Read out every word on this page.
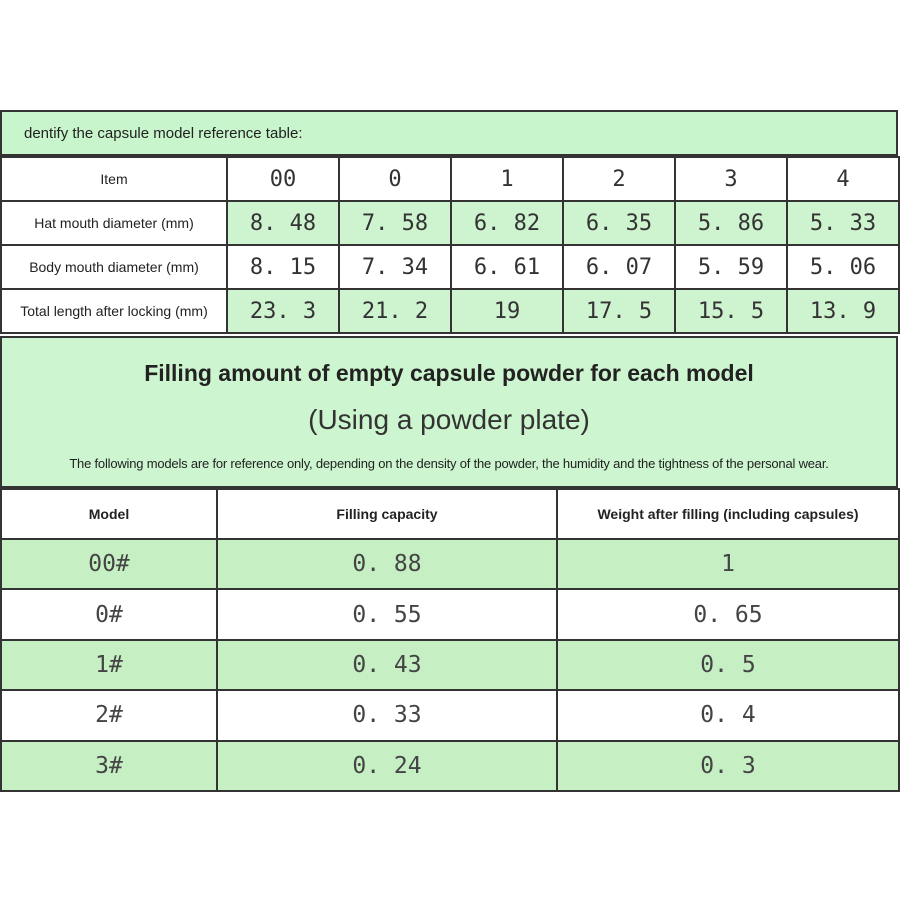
dentify the capsule model reference table:
Item	00	0	1	2	3	4
Hat mouth diameter (mm)	8. 48	7. 58	6. 82	6. 35	5. 86	5. 33
Body mouth diameter (mm)	8. 15	7. 34	6. 61	6. 07	5. 59	5. 06
Total length after locking (mm)	23. 3	21. 2	19	17. 5	15. 5	13. 9
Filling amount of empty capsule powder for each model
(Using a powder plate)
The following models are for reference only, depending on the density of the powder, the humidity and the tightness of the personal wear.
Model	Filling capacity	Weight after filling (including capsules)
00#	0. 88	1
0#	0. 55	0. 65
1#	0. 43	0. 5
2#	0. 33	0. 4
3#	0. 24	0. 3
